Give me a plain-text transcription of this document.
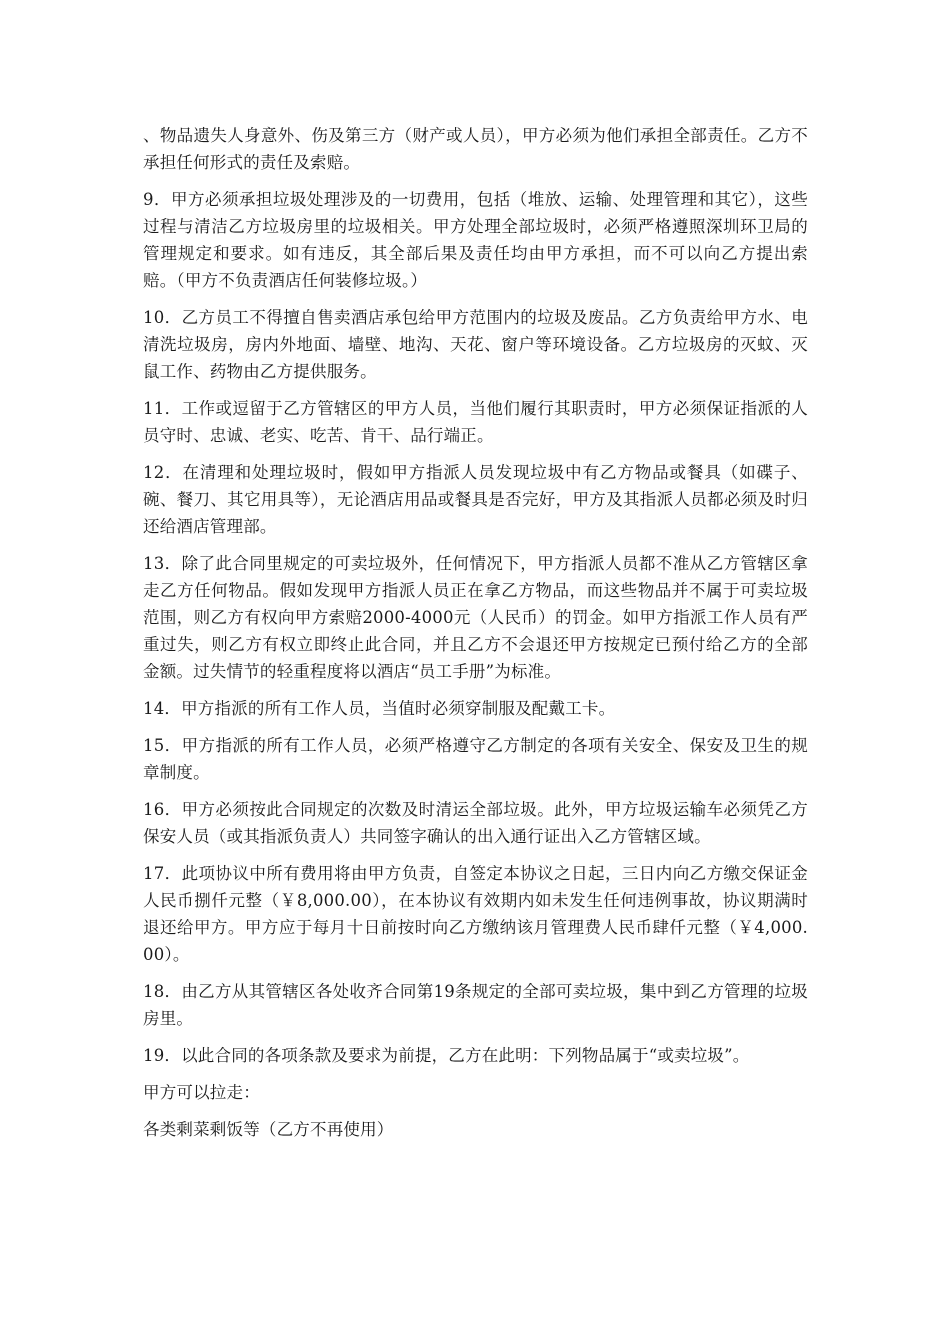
、物品遗失人身意外、伤及第三方（财产或人员），甲方必须为他们承担全部责任。乙方不承担任何形式的责任及索赔。

9．甲方必须承担垃圾处理涉及的一切费用，包括（堆放、运输、处理管理和其它），这些过程与清洁乙方垃圾房里的垃圾相关。甲方处理全部垃圾时，必须严格遵照深圳环卫局的管理规定和要求。如有违反，其全部后果及责任均由甲方承担，而不可以向乙方提出索赔。（甲方不负责酒店任何装修垃圾。）

10．乙方员工不得擅自售卖酒店承包给甲方范围内的垃圾及废品。乙方负责给甲方水、电清洗垃圾房，房内外地面、墙壁、地沟、天花、窗户等环境设备。乙方垃圾房的灭蚊、灭鼠工作、药物由乙方提供服务。

11．工作或逗留于乙方管辖区的甲方人员，当他们履行其职责时，甲方必须保证指派的人员守时、忠诚、老实、吃苦、肯干、品行端正。

12．在清理和处理垃圾时，假如甲方指派人员发现垃圾中有乙方物品或餐具（如碟子、碗、餐刀、其它用具等），无论酒店用品或餐具是否完好，甲方及其指派人员都必须及时归还给酒店管理部。

13．除了此合同里规定的可卖垃圾外，任何情况下，甲方指派人员都不准从乙方管辖区拿走乙方任何物品。假如发现甲方指派人员正在拿乙方物品，而这些物品并不属于可卖垃圾范围，则乙方有权向甲方索赔2000-4000元（人民币）的罚金。如甲方指派工作人员有严重过失，则乙方有权立即终止此合同，并且乙方不会退还甲方按规定已预付给乙方的全部金额。过失情节的轻重程度将以酒店“员工手册”为标准。

14．甲方指派的所有工作人员，当值时必须穿制服及配戴工卡。

15．甲方指派的所有工作人员，必须严格遵守乙方制定的各项有关安全、保安及卫生的规章制度。

16．甲方必须按此合同规定的次数及时清运全部垃圾。此外，甲方垃圾运输车必须凭乙方保安人员（或其指派负责人）共同签字确认的出入通行证出入乙方管辖区域。

17．此项协议中所有费用将由甲方负责，自签定本协议之日起，三日内向乙方缴交保证金人民币捌仟元整（￥8,000.00），在本协议有效期内如未发生任何违例事故，协议期满时退还给甲方。甲方应于每月十日前按时向乙方缴纳该月管理费人民币肆仟元整（￥4,000.00）。

18．由乙方从其管辖区各处收齐合同第19条规定的全部可卖垃圾，集中到乙方管理的垃圾房里。

19．以此合同的各项条款及要求为前提，乙方在此明：下列物品属于“或卖垃圾”。

甲方可以拉走：

各类剩菜剩饭等（乙方不再使用）
